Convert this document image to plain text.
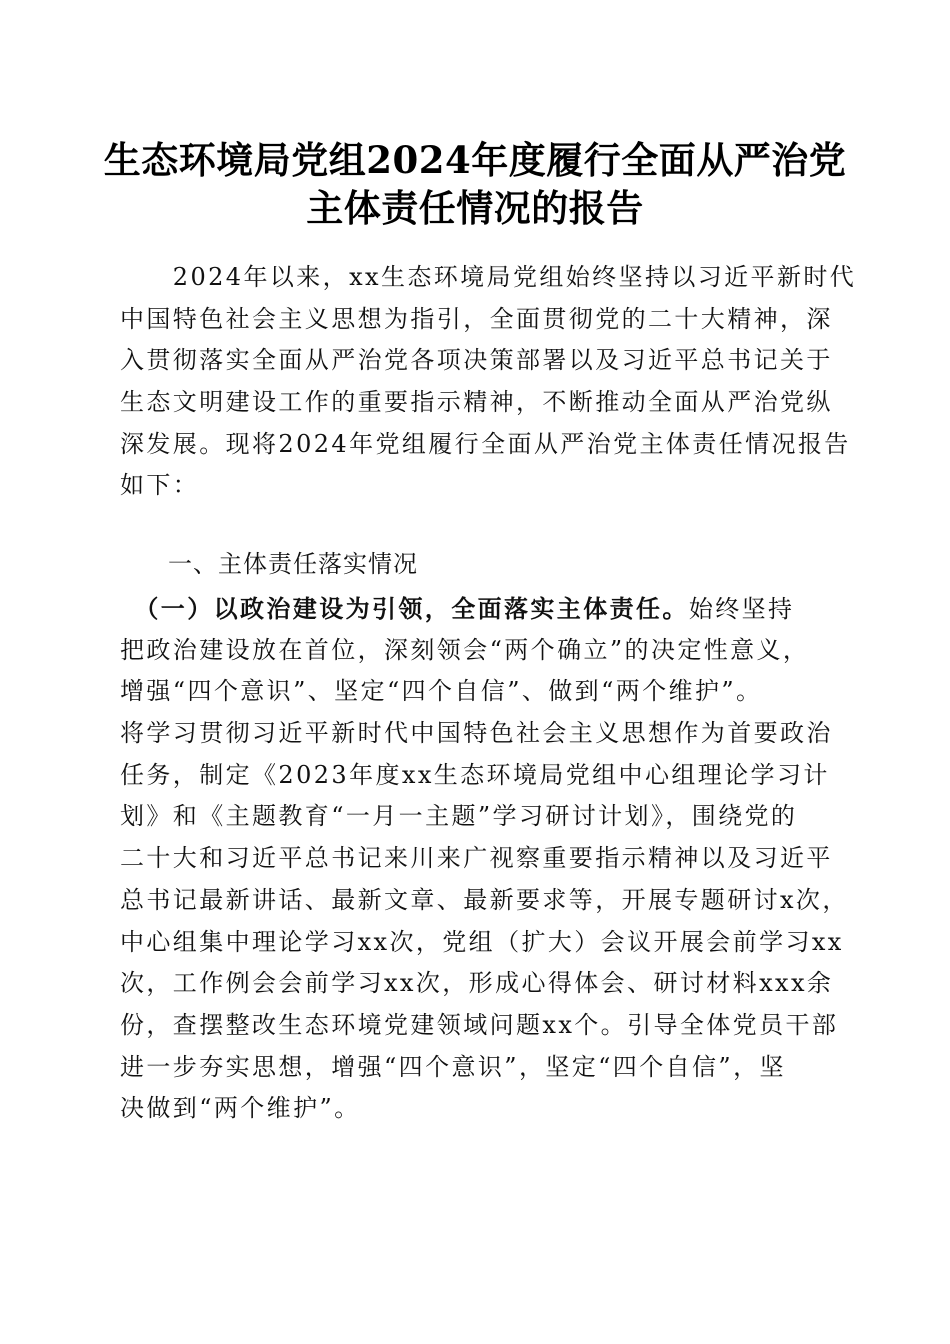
生态环境局党组2024年度履行全面从严治党
主体责任情况的报告
　　2024年以来，xx生态环境局党组始终坚持以习近平新时代
中国特色社会主义思想为指引，全面贯彻党的二十大精神，深
入贯彻落实全面从严治党各项决策部署以及习近平总书记关于
生态文明建设工作的重要指示精神，不断推动全面从严治党纵
深发展。现将2024年党组履行全面从严治党主体责任情况报告
如下：
一、主体责任落实情况
　（一）以政治建设为引领，全面落实主体责任。始终坚持
把政治建设放在首位，深刻领会“两个确立”的决定性意义，
增强“四个意识”、坚定“四个自信”、做到“两个维护”。
将学习贯彻习近平新时代中国特色社会主义思想作为首要政治
任务，制定《2023年度xx生态环境局党组中心组理论学习计
划》和《主题教育“一月一主题”学习研讨计划》，围绕党的
二十大和习近平总书记来川来广视察重要指示精神以及习近平
总书记最新讲话、最新文章、最新要求等，开展专题研讨x次，
中心组集中理论学习xx次，党组（扩大）会议开展会前学习xx
次，工作例会会前学习xx次，形成心得体会、研讨材料xxx余
份，查摆整改生态环境党建领域问题xx个。引导全体党员干部
进一步夯实思想，增强“四个意识”，坚定“四个自信”，坚
决做到“两个维护”。
